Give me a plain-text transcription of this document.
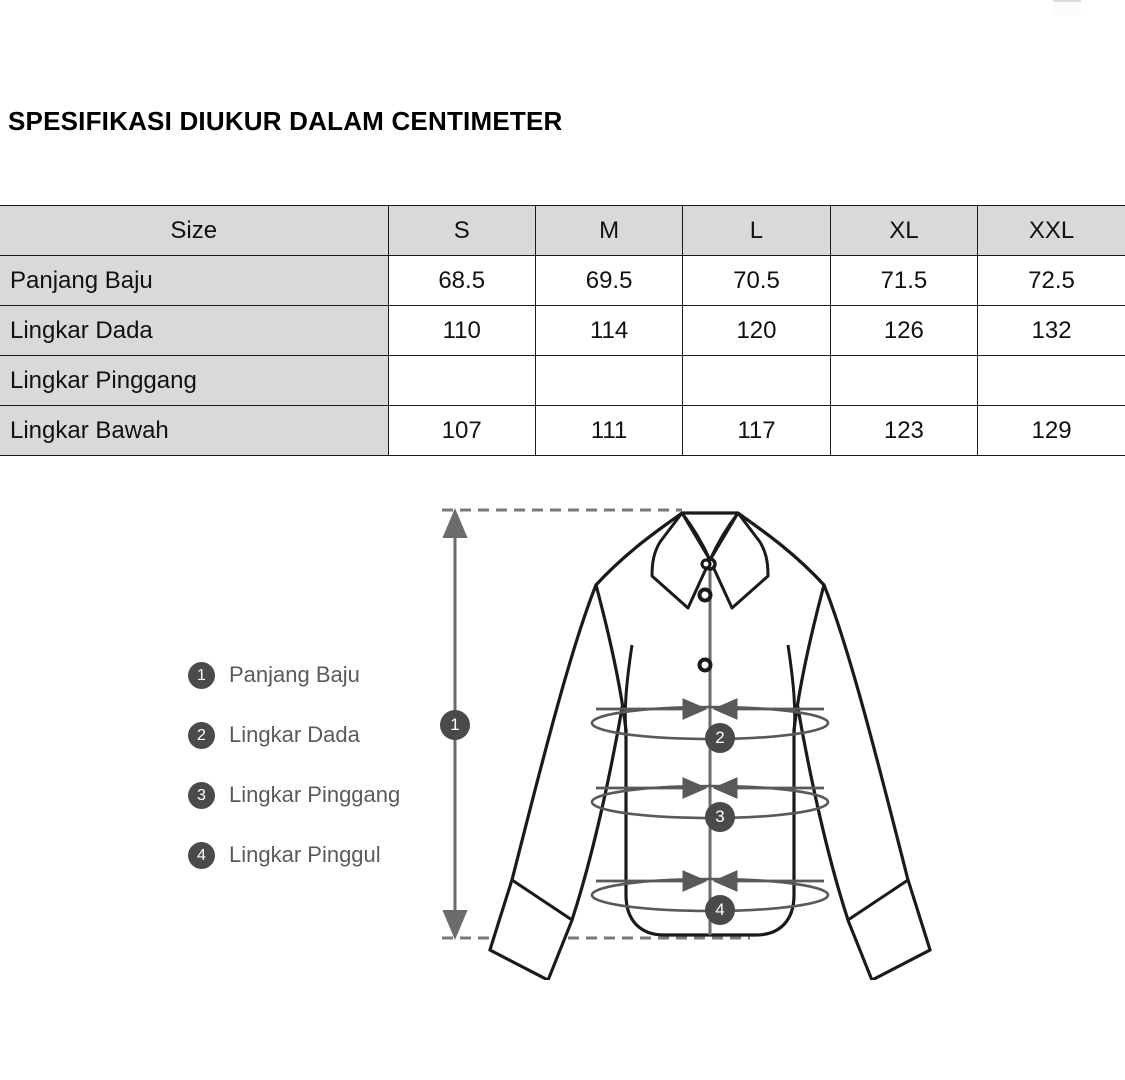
SPESIFIKASI DIUKUR DALAM CENTIMETER
Size	S	M	L	XL	XXL
Panjang Baju	68.5	69.5	70.5	71.5	72.5
Lingkar Dada	110	114	120	126	132
Lingkar Pinggang					
Lingkar Bawah	107	111	117	123	129
1	Panjang Baju
2	Lingkar Dada
3	Lingkar Pinggang
4	Lingkar Pinggul
1
2
3
4
